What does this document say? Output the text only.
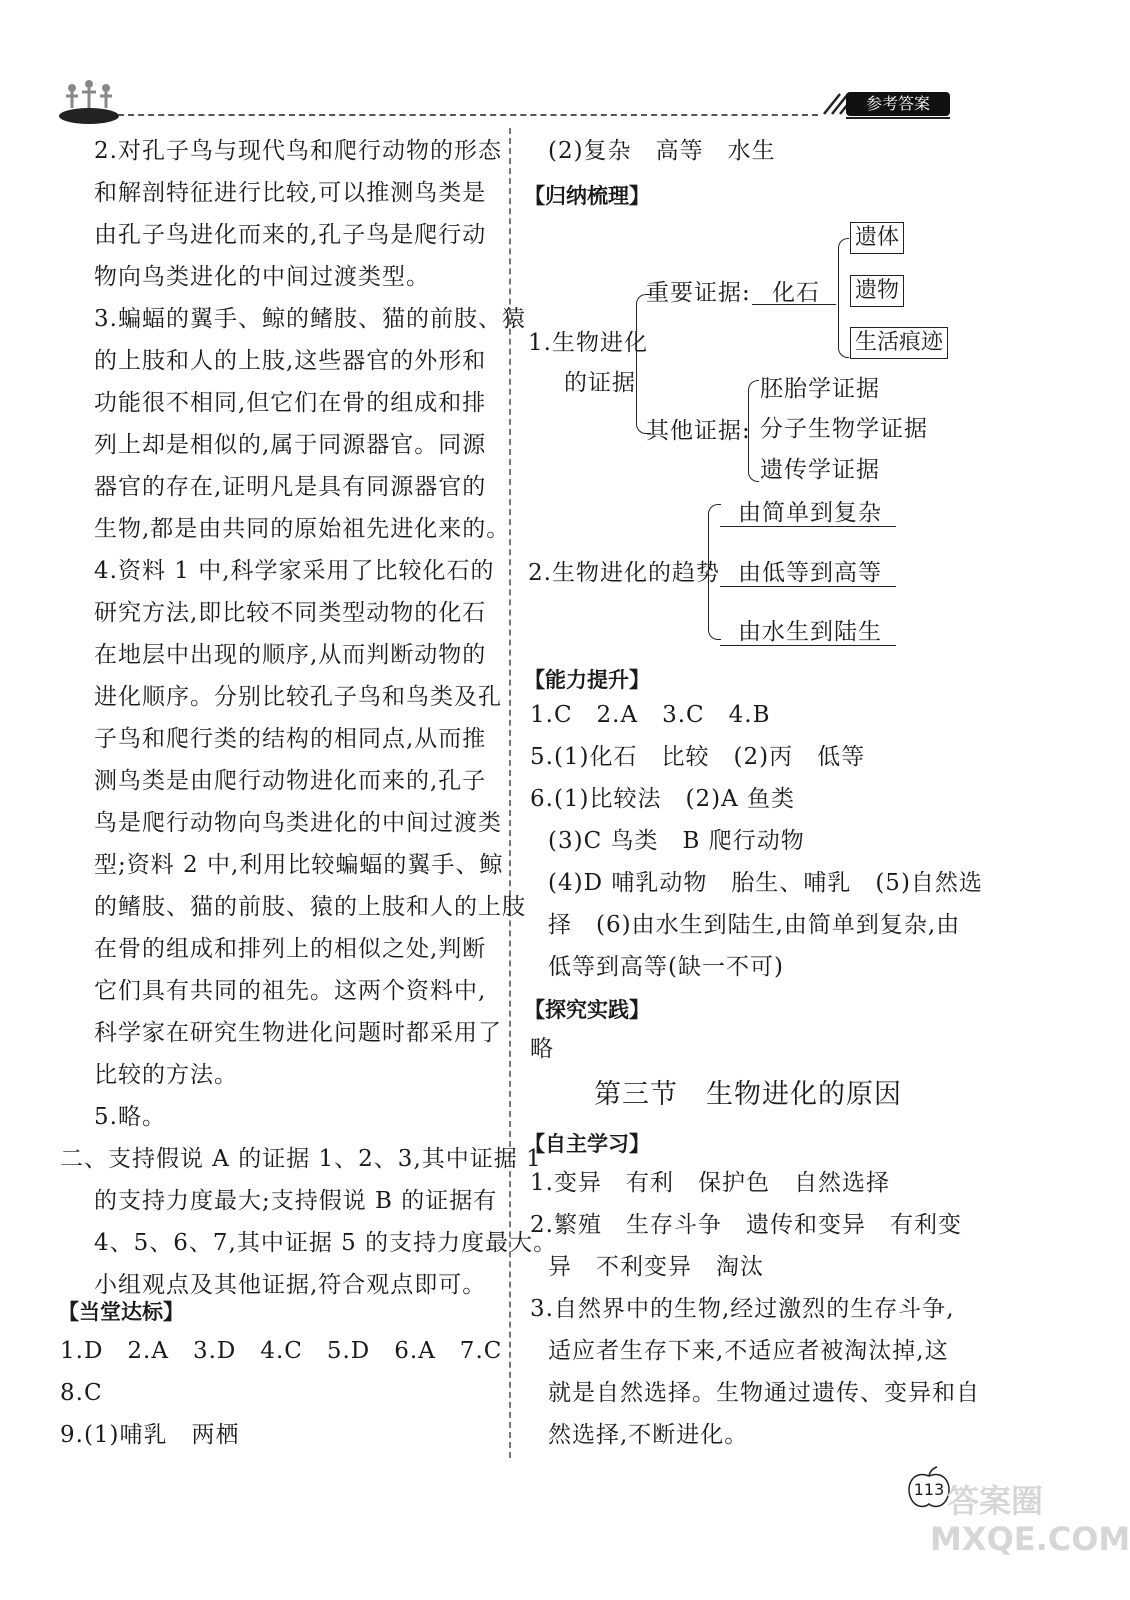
参考答案
2.对孔子鸟与现代鸟和爬行动物的形态
和解剖特征进行比较,可以推测鸟类是
由孔子鸟进化而来的,孔子鸟是爬行动
物向鸟类进化的中间过渡类型。
3.蝙蝠的翼手、鲸的鳍肢、猫的前肢、猿
的上肢和人的上肢,这些器官的外形和
功能很不相同,但它们在骨的组成和排
列上却是相似的,属于同源器官。同源
器官的存在,证明凡是具有同源器官的
生物,都是由共同的原始祖先进化来的。
4.资料 1 中,科学家采用了比较化石的
研究方法,即比较不同类型动物的化石
在地层中出现的顺序,从而判断动物的
进化顺序。分别比较孔子鸟和鸟类及孔
子鸟和爬行类的结构的相同点,从而推
测鸟类是由爬行动物进化而来的,孔子
鸟是爬行动物向鸟类进化的中间过渡类
型;资料 2 中,利用比较蝙蝠的翼手、鲸
的鳍肢、猫的前肢、猿的上肢和人的上肢
在骨的组成和排列上的相似之处,判断
它们具有共同的祖先。这两个资料中,
科学家在研究生物进化问题时都采用了
比较的方法。
5.略。
二、支持假说 A 的证据 1、2、3,其中证据 1
的支持力度最大;支持假说 B 的证据有
4、5、6、7,其中证据 5 的支持力度最大。
小组观点及其他证据,符合观点即可。
【当堂达标】
1.D　2.A　3.D　4.C　5.D　6.A　7.C
8.C
9.(1)哺乳　两栖
(2)复杂　高等　水生
【归纳梳理】
1.生物进化
的证据
重要证据: 化石
遗体
遗物
生活痕迹
其他证据:
胚胎学证据
分子生物学证据
遗传学证据
2.生物进化的趋势
由简单到复杂
由低等到高等
由水生到陆生
【能力提升】
1.C　2.A　3.C　4.B
5.(1)化石　比较　(2)丙　低等
6.(1)比较法　(2)A 鱼类
(3)C 鸟类　B 爬行动物
(4)D 哺乳动物　胎生、哺乳　(5)自然选
择　(6)由水生到陆生,由简单到复杂,由
低等到高等(缺一不可)
【探究实践】
略
第三节　生物进化的原因
【自主学习】
1.变异　有利　保护色　自然选择
2.繁殖　生存斗争　遗传和变异　有利变
异　不利变异　淘汰
3.自然界中的生物,经过激烈的生存斗争,
适应者生存下来,不适应者被淘汰掉,这
就是自然选择。生物通过遗传、变异和自
然选择,不断进化。
113 答案圈 MXQE.COM
